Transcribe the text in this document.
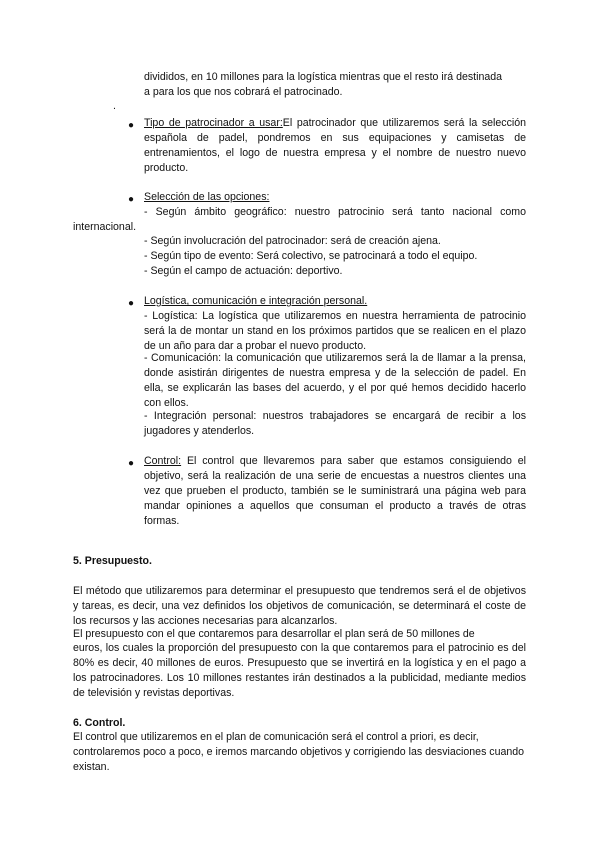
divididos, en 10 millones para la logística mientras que el resto irá destinada
a para los que nos cobrará el patrocinado.
.
● Tipo de patrocinador a usar:El patrocinador que utilizaremos será la selección española de padel, pondremos en sus equipaciones y camisetas de entrenamientos, el logo de nuestra empresa y el nombre de nuestro nuevo producto.
● Selección de las opciones:
- Según ámbito geográfico: nuestro patrocinio será tanto nacional como
internacional.
- Según involucración del patrocinador: será de creación ajena.
- Según tipo de evento: Será colectivo, se patrocinará a todo el equipo.
- Según el campo de actuación: deportivo.
● Logística, comunicación e integración personal.
- Logística: La logística que utilizaremos en nuestra herramienta de patrocinio será la de montar un stand en los próximos partidos que se realicen en el plazo de un año para dar a probar el nuevo producto.
- Comunicación: la comunicación que utilizaremos será la de llamar a la prensa, donde asistirán dirigentes de nuestra empresa y de la selección de padel. En ella, se explicarán las bases del acuerdo, y el por qué hemos decidido hacerlo con ellos.
- Integración personal: nuestros trabajadores se encargará de recibir a los jugadores y atenderlos.
● Control: El control que llevaremos para saber que estamos consiguiendo el objetivo, será la realización de una serie de encuestas a nuestros clientes una vez que prueben el producto, también se le suministrará una página web para mandar opiniones a aquellos que consuman el producto a través de otras formas.
5. Presupuesto.
El método que utilizaremos para determinar el presupuesto que tendremos será el de objetivos y tareas, es decir, una vez definidos los objetivos de comunicación, se determinará el coste de los recursos y las acciones necesarias para alcanzarlos.
El presupuesto con el que contaremos para desarrollar el plan será de 50 millones de
euros, los cuales la proporción del presupuesto con la que contaremos para el patrocinio es del 80% es decir, 40 millones de euros. Presupuesto que se invertirá en la logística y en el pago a los patrocinadores. Los 10 millones restantes irán destinados a la publicidad, mediante medios de televisión y revistas deportivas.
6. Control.
El control que utilizaremos en el plan de comunicación será el control a priori, es decir, controlaremos poco a poco, e iremos marcando objetivos y corrigiendo las desviaciones cuando existan.
